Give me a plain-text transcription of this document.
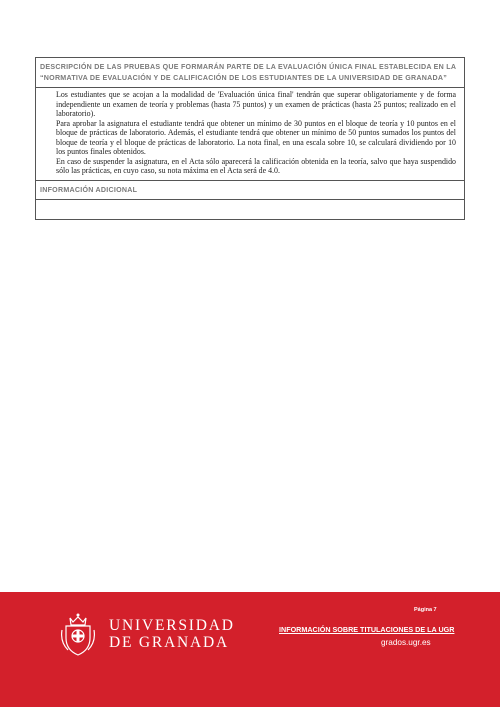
DESCRIPCIÓN DE LAS PRUEBAS QUE FORMARÁN PARTE DE LA EVALUACIÓN ÚNICA FINAL ESTABLECIDA EN LA “NORMATIVA DE EVALUACIÓN Y DE CALIFICACIÓN DE LOS ESTUDIANTES DE LA UNIVERSIDAD DE GRANADA”

Los estudiantes que se acojan a la modalidad de 'Evaluación única final' tendrán que superar obligatoriamente y de forma independiente un examen de teoría y problemas (hasta 75 puntos) y un examen de prácticas (hasta 25 puntos; realizado en el laboratorio).

Para aprobar la asignatura el estudiante tendrá que obtener un mínimo de 30 puntos en el bloque de teoría y 10 puntos en el bloque de prácticas de laboratorio. Además, el estudiante tendrá que obtener un mínimo de 50 puntos sumados los puntos del bloque de teoría y el bloque de prácticas de laboratorio. La nota final, en una escala sobre 10, se calculará dividiendo por 10 los puntos finales obtenidos.

En caso de suspender la asignatura, en el Acta sólo aparecerá la calificación obtenida en la teoría, salvo que haya suspendido sólo las prácticas, en cuyo caso, su nota máxima en el Acta será de 4.0.

INFORMACIÓN ADICIONAL
UNIVERSIDAD
DE GRANADA
Página 7
INFORMACIÓN SOBRE TITULACIONES DE LA UGR
grados.ugr.es
